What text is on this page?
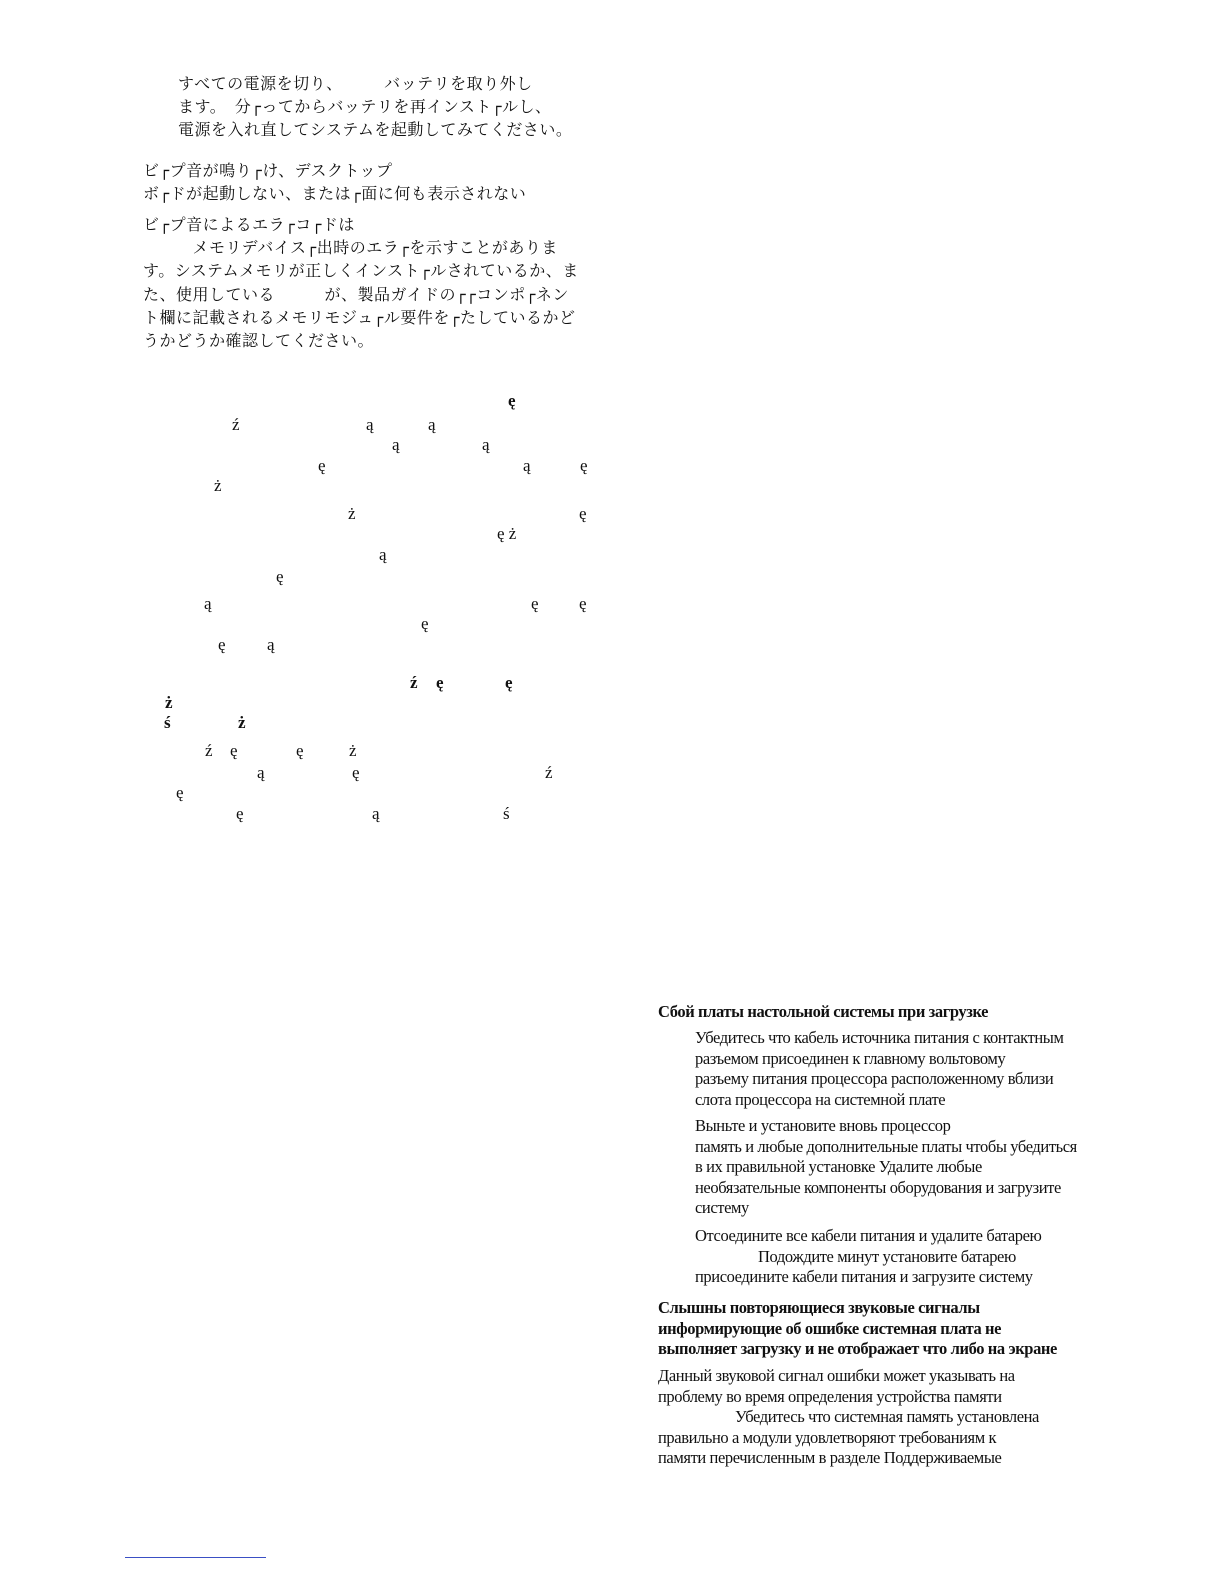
すべての電源を切り、　　　バッテリを取り外し
ます。　分┌ってからバッテリを再インスト┌ルし、
電源を入れ直してシステムを起動してみてください。
ビ┌プ音が鳴り┌け、デスクトップ
ボ┌ドが起動しない、または┌面に何も表示されない
ビ┌プ音によるエラ┌コ┌ドは
　　　メモリデバイス┌出時のエラ┌を示すことがありま
す。システムメモリが正しくインスト┌ルされているか、ま
た、使用している　　　が、製品ガイドの┌┌コンポ┌ネン
ト欄に記載されるメモリモジュ┌ル要件を┌たしているかど
うかどうか確認してください。
ę
ź	ą	ą
ą	ą
ę	ą	ę
ż
ż	ę
ę ż
ą
ę
ą	ę ę
ę
ę ą
ź ę	ę
ż
ś	ż
ź ę	ę	ż
ą	ę	ź
ę
ę	ą	ś
Сбой платы настольной системы при загрузке
Убедитесь что кабель источника питания с контактным
разъемом присоединен к главному вольтовому
разъему питания процессора расположенному вблизи
слота процессора на системной плате
Выньте и установите вновь процессор
память и любые дополнительные платы чтобы убедиться
в их правильной установке Удалите любые
необязательные компоненты оборудования и загрузите
систему
Отсоедините все кабели питания и удалите батарею
Подождите минут установите батарею
присоедините кабели питания и загрузите систему
Слышны повторяющиеся звуковые сигналы
информирующие об ошибке системная плата не
выполняет загрузку и не отображает что либо на экране
Данный звуковой сигнал ошибки может указывать на
проблему во время определения устройства памяти
Убедитесь что системная память установлена
правильно а модули удовлетворяют требованиям к
памяти перечисленным в разделе Поддерживаемые
